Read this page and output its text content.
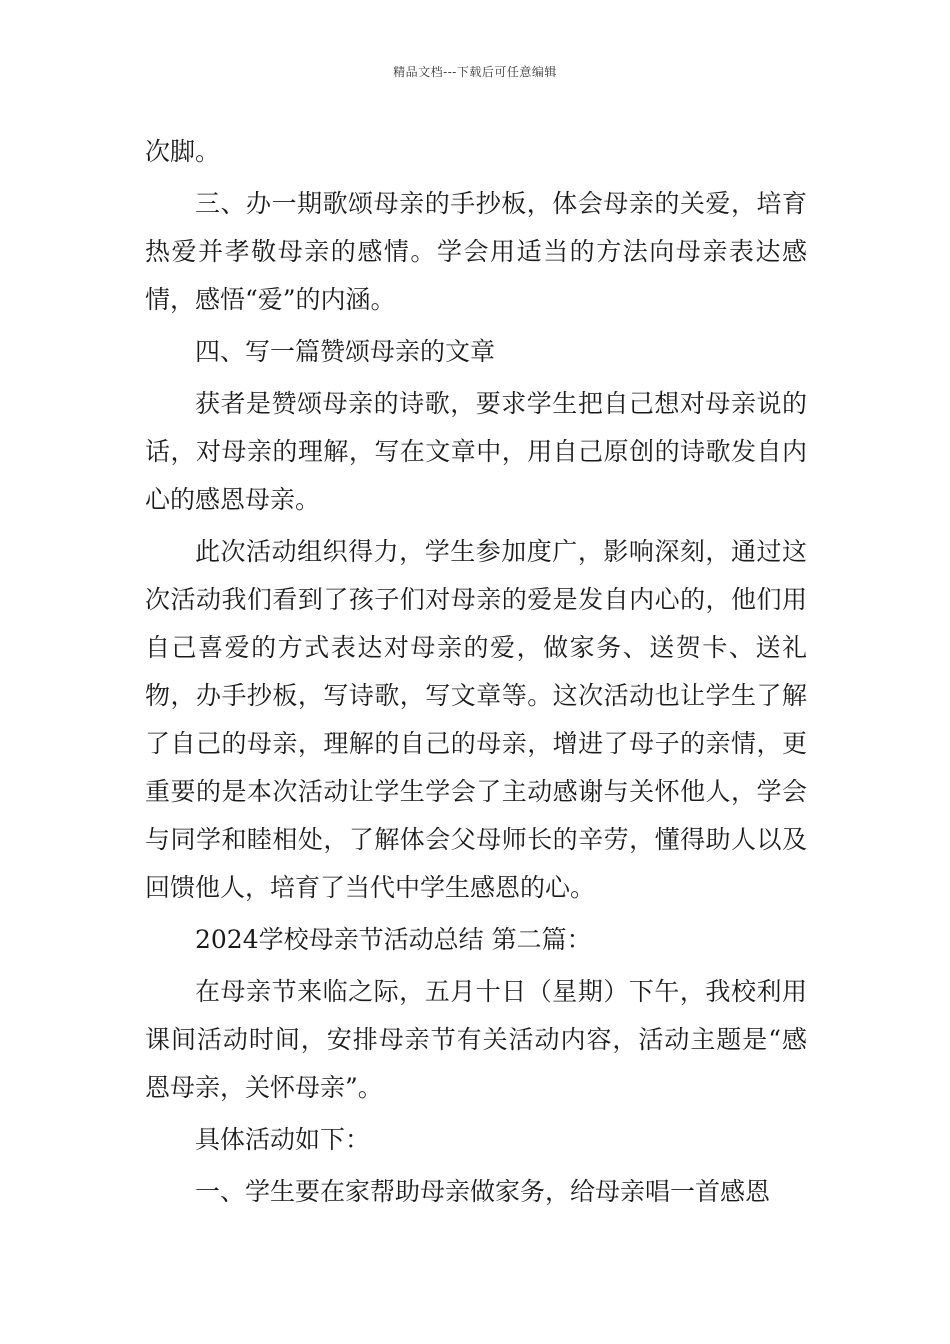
精品文档---下载后可任意编辑

次脚。

三、办一期歌颂母亲的手抄板，体会母亲的关爱，培育热爱并孝敬母亲的感情。学会用适当的方法向母亲表达感情，感悟“爱”的内涵。

四、写一篇赞颂母亲的文章

获者是赞颂母亲的诗歌，要求学生把自己想对母亲说的话，对母亲的理解，写在文章中，用自己原创的诗歌发自内心的感恩母亲。

此次活动组织得力，学生参加度广，影响深刻，通过这次活动我们看到了孩子们对母亲的爱是发自内心的，他们用自己喜爱的方式表达对母亲的爱，做家务、送贺卡、送礼物，办手抄板，写诗歌，写文章等。这次活动也让学生了解了自己的母亲，理解的自己的母亲，增进了母子的亲情，更重要的是本次活动让学生学会了主动感谢与关怀他人，学会与同学和睦相处，了解体会父母师长的辛劳，懂得助人以及回馈他人，培育了当代中学生感恩的心。

2024学校母亲节活动总结 第二篇：

在母亲节来临之际，五月十日（星期）下午，我校利用课间活动时间，安排母亲节有关活动内容，活动主题是“感恩母亲，关怀母亲”。

具体活动如下：

一、学生要在家帮助母亲做家务，给母亲唱一首感恩
